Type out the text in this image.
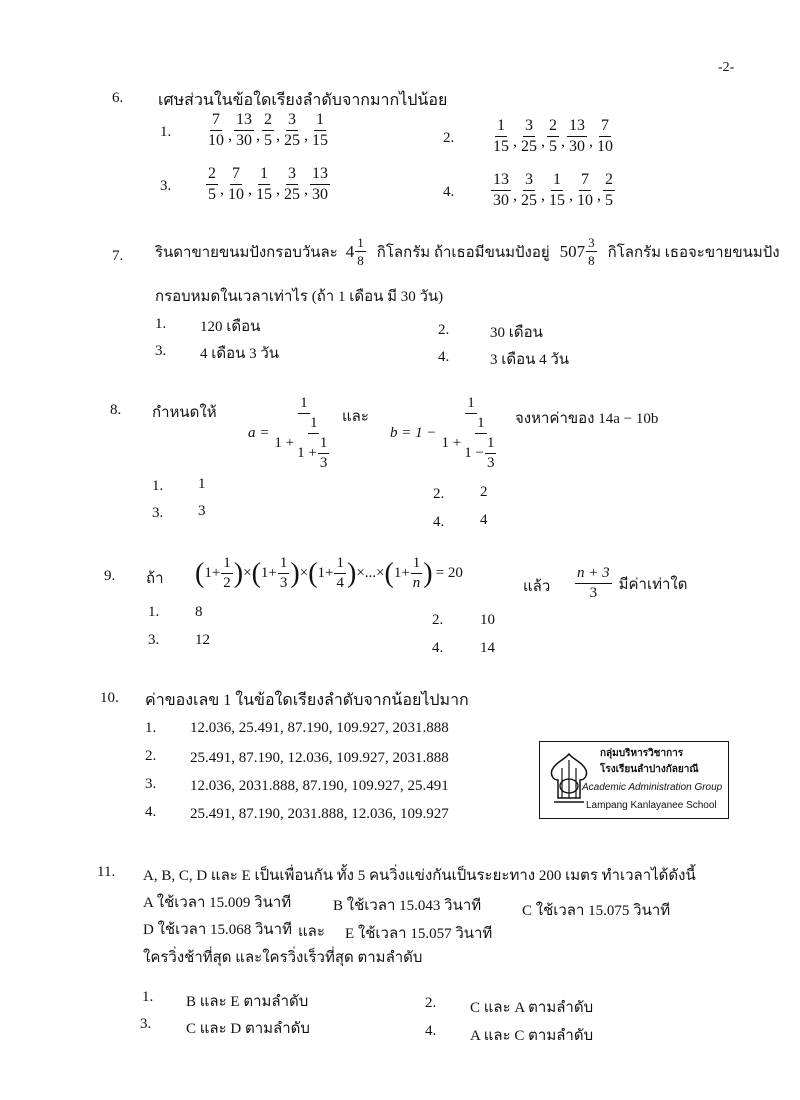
-2-
6. เศษส่วนในข้อใดเรียงลำดับจากมากไปน้อย
1. $\frac{7}{10}$ , $\frac{13}{30}$ , $\frac{2}{5}$ , $\frac{3}{25}$ , $\frac{1}{15}$	2. $\frac{1}{15}$ , $\frac{3}{25}$ , $\frac{2}{5}$ , $\frac{13}{30}$ , $\frac{7}{10}$
3. $\frac{2}{5}$ , $\frac{7}{10}$ , $\frac{1}{15}$ , $\frac{3}{25}$ , $\frac{13}{30}$	4. $\frac{13}{30}$ , $\frac{3}{25}$ , $\frac{1}{15}$ , $\frac{7}{10}$ , $\frac{2}{5}$
7. รินดาขายขนมปังกรอบวันละ $4 \frac{1}{8}$ กิโลกรัม ถ้าเธอมีขนมปังอยู่ $507 \frac{3}{8}$ กิโลกรัม เธอจะขายขนมปัง
กรอบหมดในเวลาเท่าไร (ถ้า 1 เดือน มี 30 วัน)
1. 120 เดือน	2.	30 เดือน
3. 4 เดือน 3 วัน	4.	3 เดือน 4 วัน
8. กำหนดให้
$a = \frac{1}{1 + \frac{1}{1 + \frac{1}{3}}}$ และ
$b = 1 - \frac{1}{1 + \frac{1}{1 - \frac{1}{3}}}$ จงหาค่าของ 14a − 10b
1. 1
2. 2
3. 3
4. 4
9. ถ้า ( $1+ \frac{1}{2}$ ) × ( $1+ \frac{1}{3}$ ) × ( $1+ \frac{1}{4}$ ) ×...× ( $1+ \frac{1}{n}$ ) = 20
แล้ว $\frac{n + 3}{3}$ มีค่าเท่าใด
1. 8	2. 10
3. 12	4. 14
10. ค่าของเลข 1 ในข้อใดเรียงลำดับจากน้อยไปมาก
1. 12.036, 25.491, 87.190, 109.927, 2031.888
2. 25.491, 87.190, 12.036, 109.927, 2031.888
3. 12.036, 2031.888, 87.190, 109.927, 25.491
4. 25.491, 87.190, 2031.888, 12.036, 109.927
กลุ่มบริหารวิชาการ
โรงเรียนลำปางกัลยาณี
Academic Administration Group
Lampang Kanlayanee School
11. A, B, C, D และ E เป็นเพื่อนกัน ทั้ง 5 คนวิ่งแข่งกันเป็นระยะทาง 200 เมตร ทำเวลาได้ดังนี้
A ใช้เวลา 15.009 วินาที	B ใช้เวลา 15.043 วินาที	C ใช้เวลา 15.075 วินาที
D ใช้เวลา 15.068 วินาที และ E ใช้เวลา 15.057 วินาที
ใครวิ่งช้าที่สุด และใครวิ่งเร็วที่สุด ตามลำดับ
1. B และ E ตามลำดับ	2. C และ A ตามลำดับ
3. C และ D ตามลำดับ	4. A และ C ตามลำดับ
